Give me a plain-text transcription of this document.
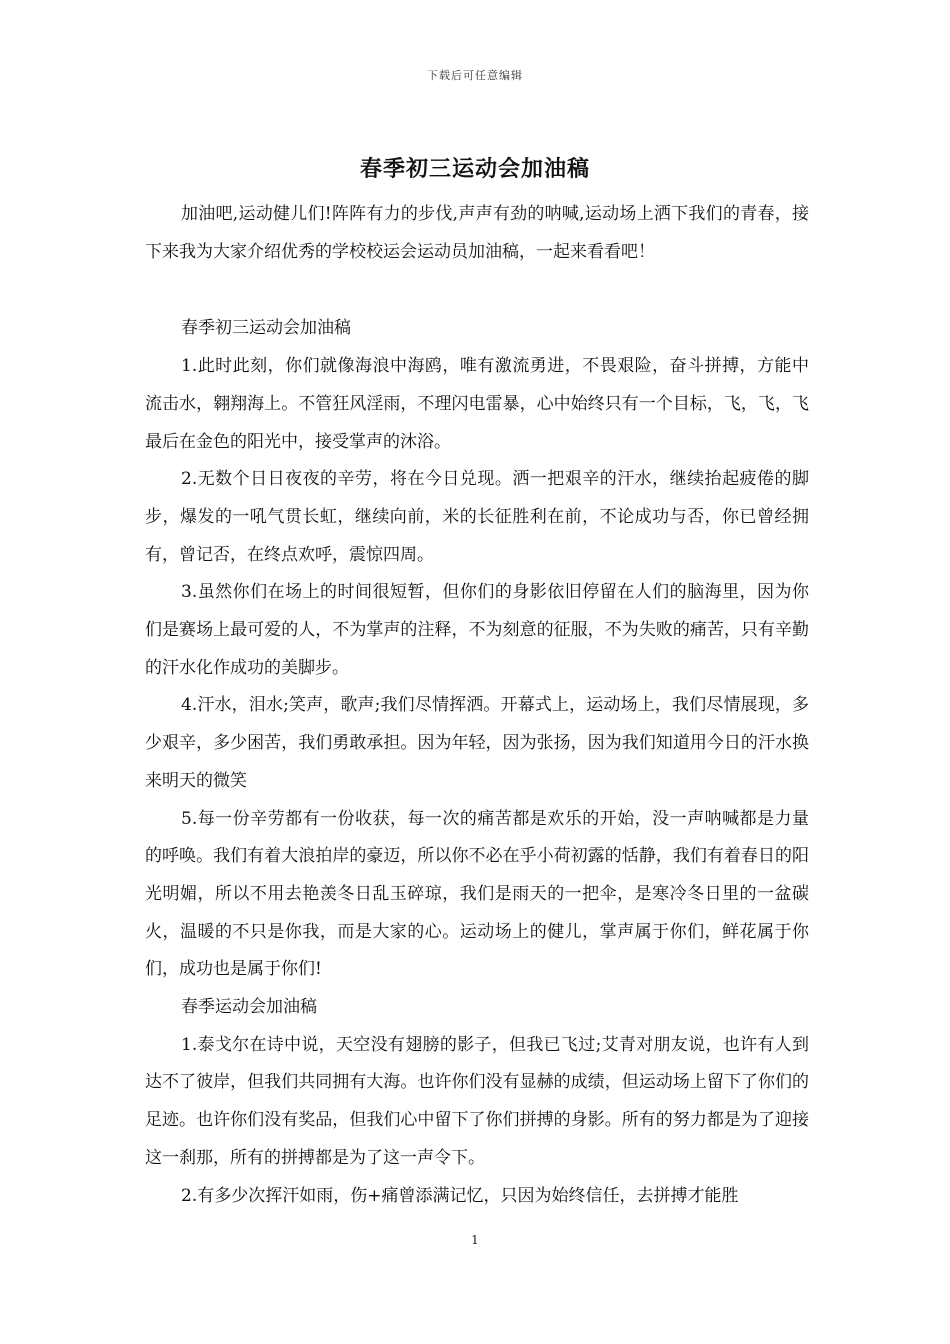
下载后可任意编辑
春季初三运动会加油稿

加油吧,运动健儿们!阵阵有力的步伐,声声有劲的呐喊,运动场上洒下我们的青春，接下来我为大家介绍优秀的学校校运会运动员加油稿，一起来看看吧！

春季初三运动会加油稿

1.此时此刻，你们就像海浪中海鸥，唯有激流勇进，不畏艰险，奋斗拼搏，方能中流击水，翱翔海上。不管狂风淫雨，不理闪电雷暴，心中始终只有一个目标，飞，飞，飞最后在金色的阳光中，接受掌声的沐浴。

2.无数个日日夜夜的辛劳，将在今日兑现。洒一把艰辛的汗水，继续抬起疲倦的脚步，爆发的一吼气贯长虹，继续向前，米的长征胜利在前，不论成功与否，你已曾经拥有，曾记否，在终点欢呼，震惊四周。

3.虽然你们在场上的时间很短暂，但你们的身影依旧停留在人们的脑海里，因为你们是赛场上最可爱的人，不为掌声的注释，不为刻意的征服，不为失败的痛苦，只有辛勤的汗水化作成功的美脚步。

4.汗水，泪水;笑声，歌声;我们尽情挥洒。开幕式上，运动场上，我们尽情展现，多少艰辛，多少困苦，我们勇敢承担。因为年轻，因为张扬，因为我们知道用今日的汗水换来明天的微笑

5.每一份辛劳都有一份收获，每一次的痛苦都是欢乐的开始，没一声呐喊都是力量的呼唤。我们有着大浪拍岸的豪迈，所以你不必在乎小荷初露的恬静，我们有着春日的阳光明媚，所以不用去艳羡冬日乱玉碎琼，我们是雨天的一把伞，是寒冷冬日里的一盆碳火，温暖的不只是你我，而是大家的心。运动场上的健儿，掌声属于你们，鲜花属于你们，成功也是属于你们!

春季运动会加油稿

1.泰戈尔在诗中说，天空没有翅膀的影子，但我已飞过;艾青对朋友说，也许有人到达不了彼岸，但我们共同拥有大海。也许你们没有显赫的成绩，但运动场上留下了你们的足迹。也许你们没有奖品，但我们心中留下了你们拼搏的身影。所有的努力都是为了迎接这一刹那，所有的拼搏都是为了这一声令下。

2.有多少次挥汗如雨，伤+痛曾添满记忆，只因为始终信任，去拼搏才能胜

1
